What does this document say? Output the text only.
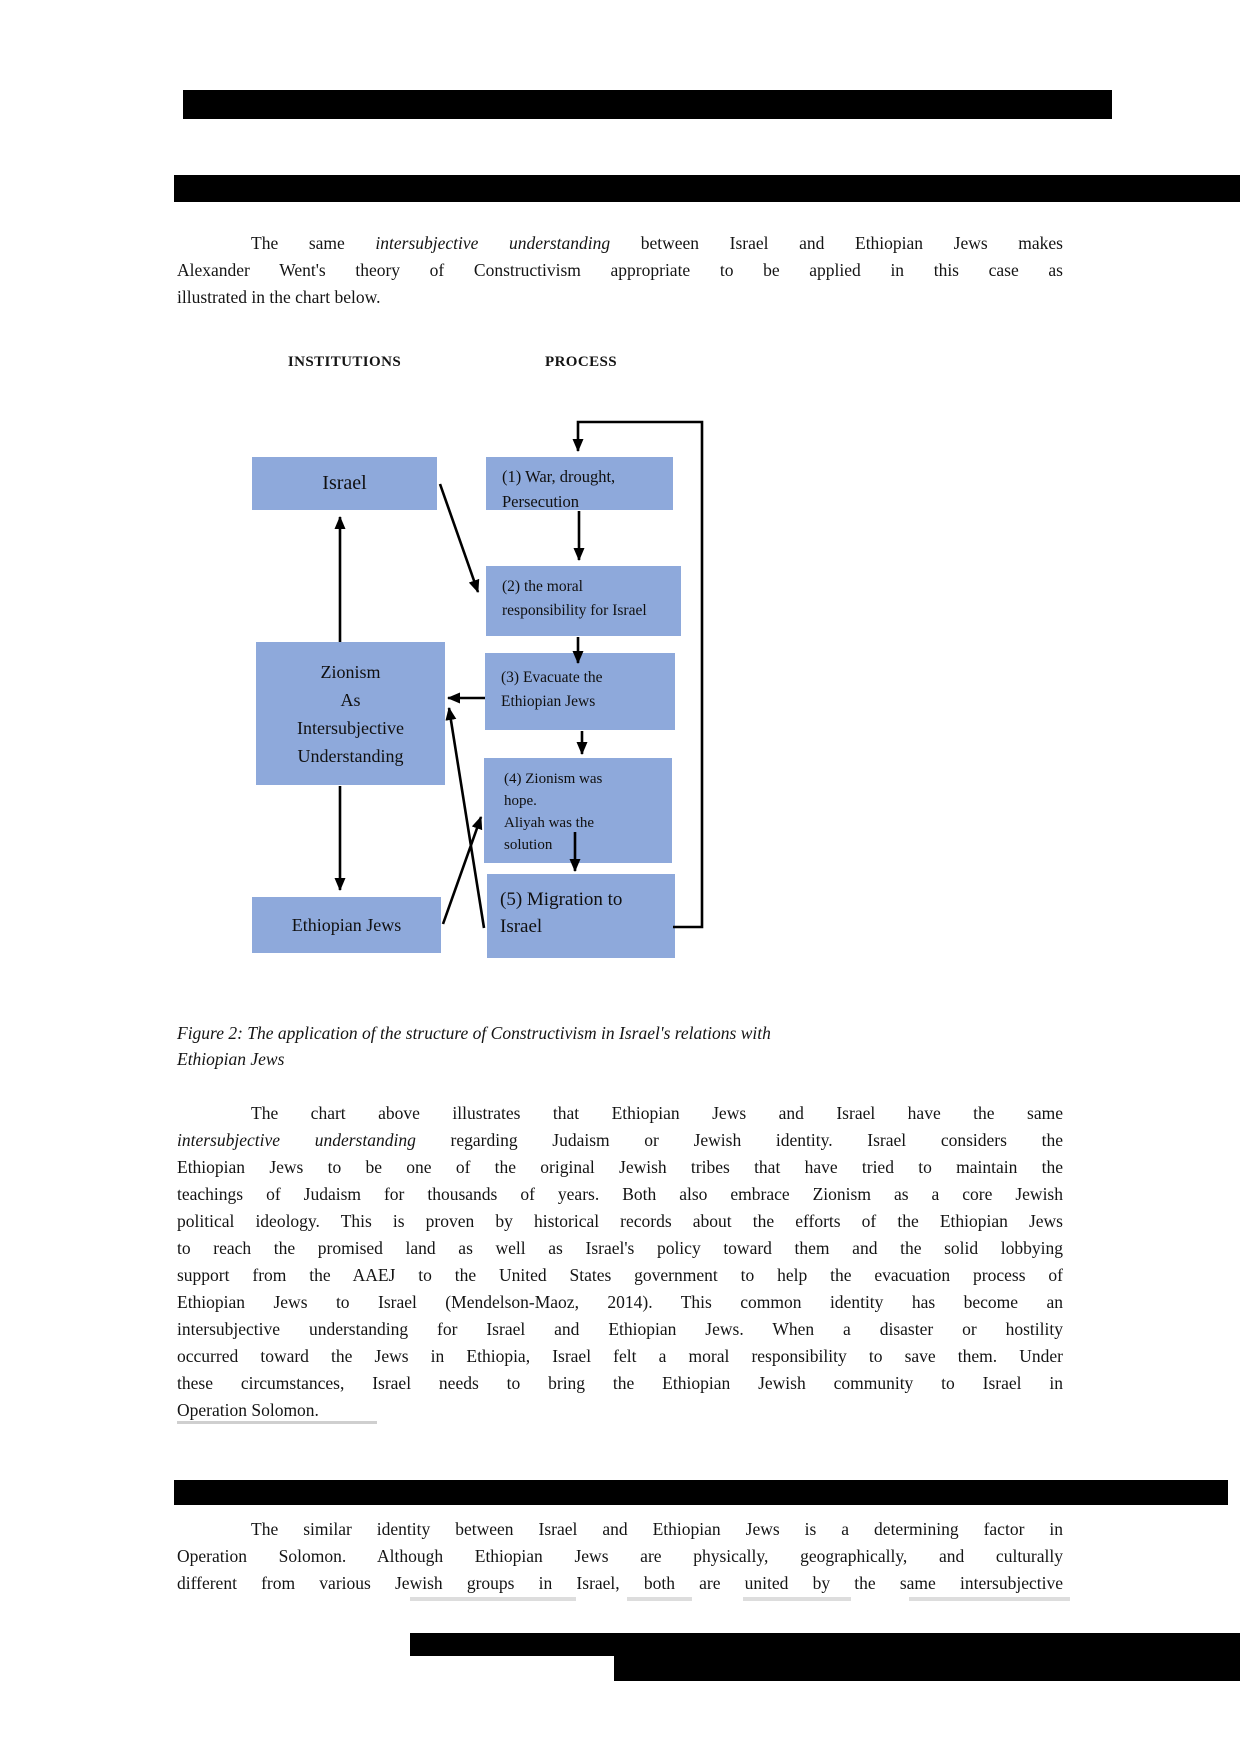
The same intersubjective understanding between Israel and Ethiopian Jews makes
Alexander Went's theory of Constructivism appropriate to be applied in this case as
illustrated in the chart below.
INSTITUTIONS	PROCESS
Israel
Zionism
As
Intersubjective
Understanding
Ethiopian Jews
(1) War, drought,
Persecution
(2) the moral
responsibility for Israel
(3) Evacuate the
Ethiopian Jews
(4) Zionism was
hope.
Aliyah was the
solution
(5) Migration to
Israel
Figure 2: The application of the structure of Constructivism in Israel's relations with
Ethiopian Jews
The chart above illustrates that Ethiopian Jews and Israel have the same
intersubjective understanding regarding Judaism or Jewish identity. Israel considers the
Ethiopian Jews to be one of the original Jewish tribes that have tried to maintain the
teachings of Judaism for thousands of years. Both also embrace Zionism as a core Jewish
political ideology. This is proven by historical records about the efforts of the Ethiopian Jews
to reach the promised land as well as Israel's policy toward them and the solid lobbying
support from the AAEJ to the United States government to help the evacuation process of
Ethiopian Jews to Israel (Mendelson-Maoz, 2014). This common identity has become an
intersubjective understanding for Israel and Ethiopian Jews. When a disaster or hostility
occurred toward the Jews in Ethiopia, Israel felt a moral responsibility to save them. Under
these circumstances, Israel needs to bring the Ethiopian Jewish community to Israel in
Operation Solomon.
The similar identity between Israel and Ethiopian Jews is a determining factor in
Operation Solomon. Although Ethiopian Jews are physically, geographically, and culturally
different from various Jewish groups in Israel, both are united by the same intersubjective
